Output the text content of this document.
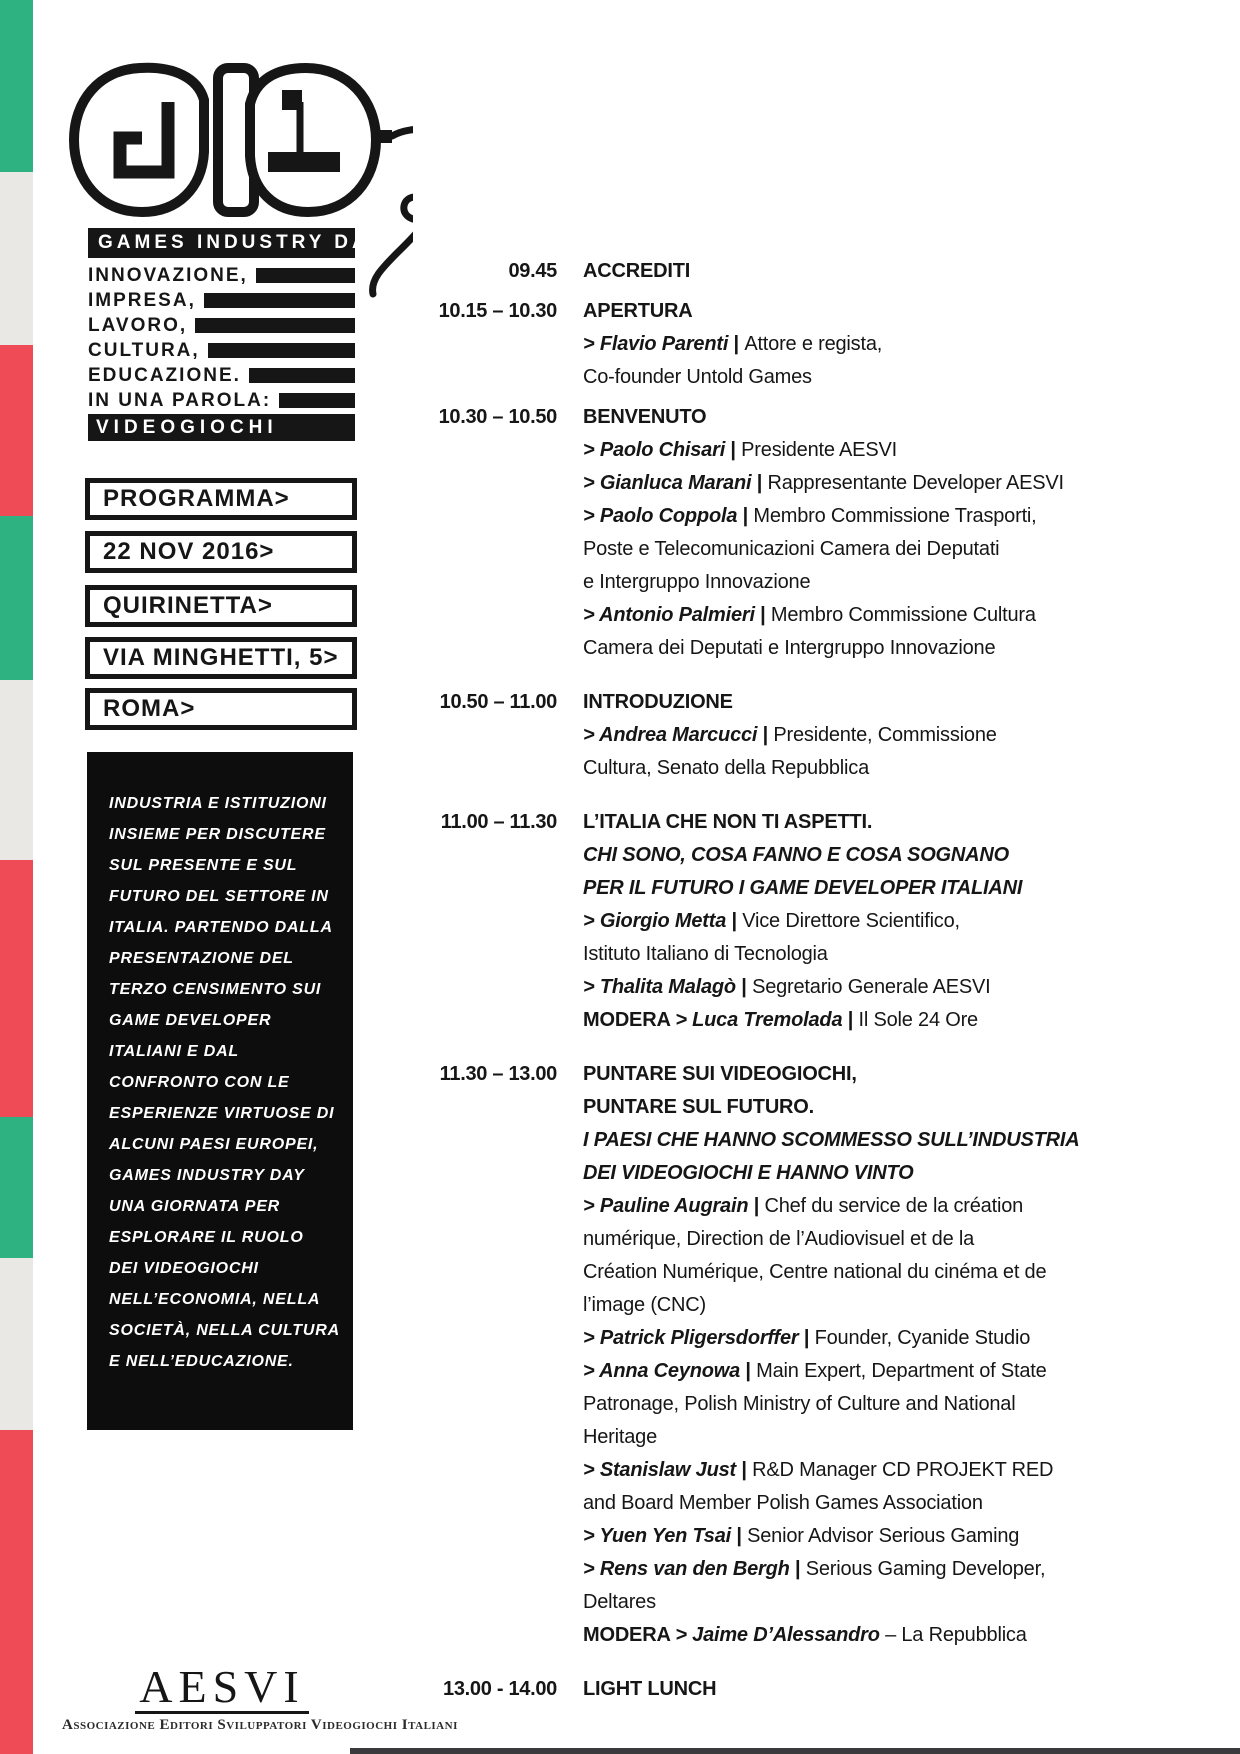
GAMES INDUSTRY DAY
INNOVAZIONE,
IMPRESA,
LAVORO,
CULTURA,
EDUCAZIONE.
IN UNA PAROLA:
VIDEOGIOCHI
PROGRAMMA>
22 NOV 2016>
QUIRINETTA>
VIA MINGHETTI, 5>
ROMA>
INDUSTRIA E ISTITUZIONI
INSIEME PER DISCUTERE
SUL PRESENTE E SUL
FUTURO DEL SETTORE IN
ITALIA. PARTENDO DALLA
PRESENTAZIONE DEL
TERZO CENSIMENTO SUI
GAME DEVELOPER
ITALIANI E DAL
CONFRONTO CON LE
ESPERIENZE VIRTUOSE DI
ALCUNI PAESI EUROPEI,
GAMES INDUSTRY DAY
UNA GIORNATA PER
ESPLORARE IL RUOLO
DEI VIDEOGIOCHI
NELL’ECONOMIA, NELLA
SOCIETÀ, NELLA CULTURA
E NELL’EDUCAZIONE.
09.45 ACCREDITI
10.15 – 10.30 APERTURA
> Flavio Parenti | Attore e regista,
Co-founder Untold Games
10.30 – 10.50 BENVENUTO
> Paolo Chisari | Presidente AESVI
> Gianluca Marani | Rappresentante Developer AESVI
> Paolo Coppola | Membro Commissione Trasporti,
Poste e Telecomunicazioni Camera dei Deputati
e Intergruppo Innovazione
> Antonio Palmieri | Membro Commissione Cultura
Camera dei Deputati e Intergruppo Innovazione
10.50 – 11.00 INTRODUZIONE
> Andrea Marcucci | Presidente, Commissione
Cultura, Senato della Repubblica
11.00 – 11.30 L’ITALIA CHE NON TI ASPETTI.
CHI SONO, COSA FANNO E COSA SOGNANO
PER IL FUTURO I GAME DEVELOPER ITALIANI
> Giorgio Metta | Vice Direttore Scientifico,
Istituto Italiano di Tecnologia
> Thalita Malagò | Segretario Generale AESVI
MODERA > Luca Tremolada | Il Sole 24 Ore
11.30 – 13.00 PUNTARE SUI VIDEOGIOCHI,
PUNTARE SUL FUTURO.
I PAESI CHE HANNO SCOMMESSO SULL’INDUSTRIA
DEI VIDEOGIOCHI E HANNO VINTO
> Pauline Augrain | Chef du service de la création
numérique, Direction de l’Audiovisuel et de la
Création Numérique, Centre national du cinéma et de
l’image (CNC)
> Patrick Pligersdorffer | Founder, Cyanide Studio
> Anna Ceynowa | Main Expert, Department of State
Patronage, Polish Ministry of Culture and National
Heritage
> Stanislaw Just | R&D Manager CD PROJEKT RED
and Board Member Polish Games Association
> Yuen Yen Tsai | Senior Advisor Serious Gaming
> Rens van den Bergh | Serious Gaming Developer,
Deltares
MODERA > Jaime D’Alessandro – La Repubblica
13.00 - 14.00 LIGHT LUNCH
AESVI
Associazione Editori Sviluppatori Videogiochi Italiani
